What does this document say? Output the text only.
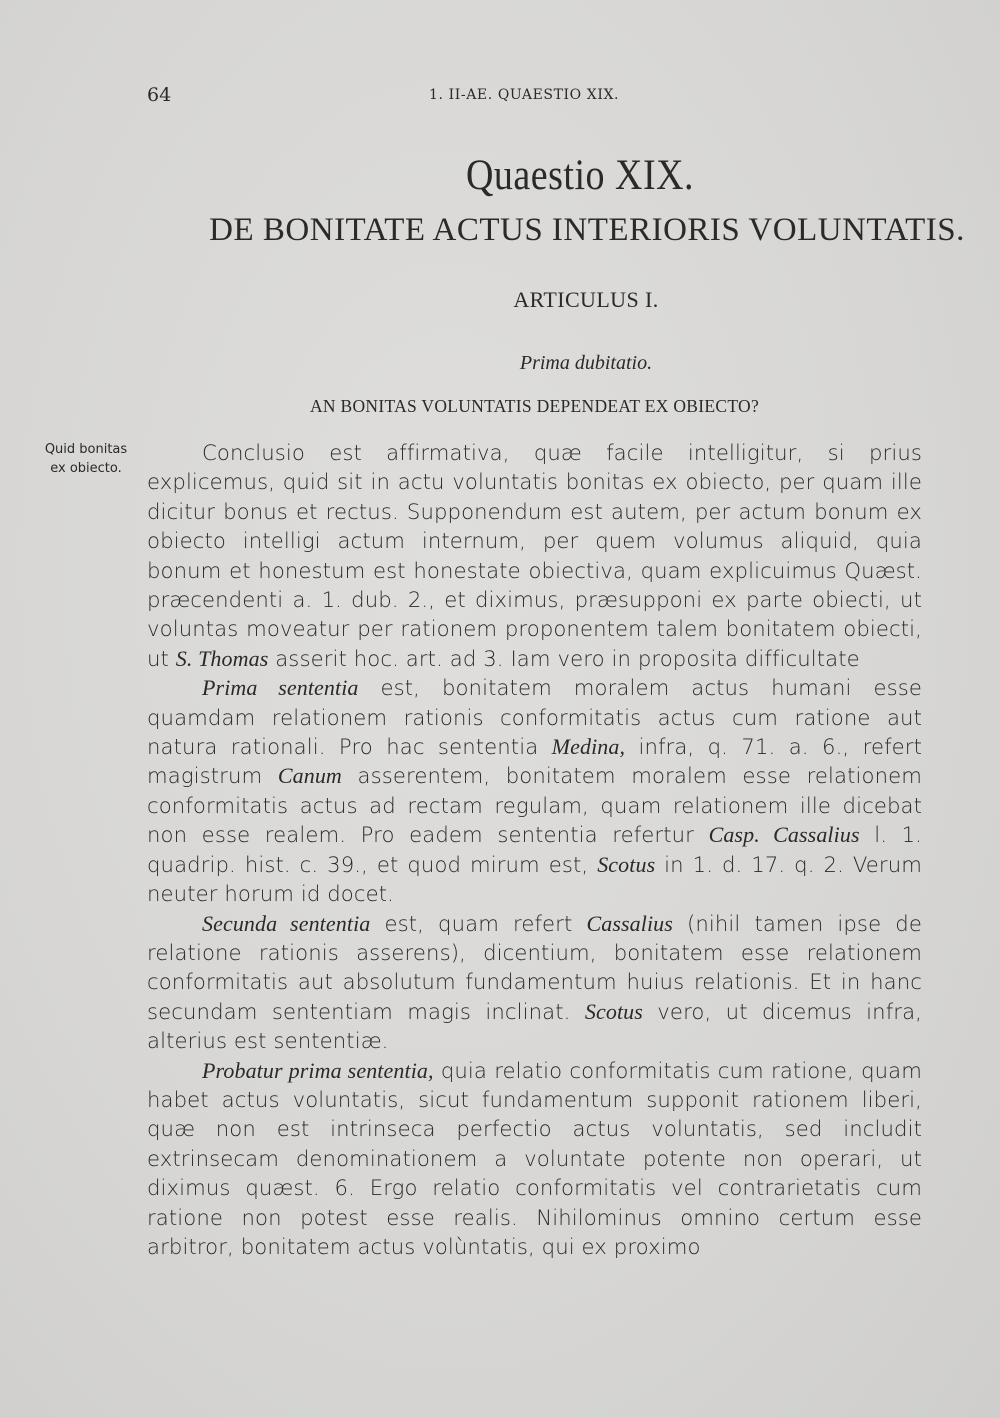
64	1. II-AE. QUAESTIO XIX.
Quaestio XIX.
DE BONITATE ACTUS INTERIORIS VOLUNTATIS.
ARTICULUS I.
Prima dubitatio.
AN BONITAS VOLUNTATIS DEPENDEAT EX OBIECTO?
Quid bonitas
ex obiecto.

Conclusio est affirmativa, quæ facile intelligitur, si prius explicemus, quid sit in actu voluntatis bonitas ex obiecto, per quam ille dicitur bonus et rectus. Supponendum est autem, per actum bonum ex obiecto intelligi actum internum, per quem volumus aliquid, quia bonum et honestum est honestate obiectiva, quam explicuimus Quæst. præcendenti a. 1. dub. 2., et diximus, præsupponi ex parte obiecti, ut voluntas moveatur per rationem proponentem talem bonitatem obiecti, ut S. Thomas asserit hoc. art. ad 3. Iam vero in proposita difficultate

Prima sententia est, bonitatem moralem actus humani esse quamdam relationem rationis conformitatis actus cum ratione aut natura rationali. Pro hac sententia Medina, infra, q. 71. a. 6., refert magistrum Canum asserentem, bonitatem moralem esse relationem conformitatis actus ad rectam regulam, quam relationem ille dicebat non esse realem. Pro eadem sententia refertur Casp. Cassalius l. 1. quadrip. hist. c. 39., et quod mirum est, Scotus in 1. d. 17. q. 2. Verum neuter horum id docet.

Secunda sententia est, quam refert Cassalius (nihil tamen ipse de relatione rationis asserens), dicentium, bonitatem esse relationem conformitatis aut absolutum fundamentum huius relationis. Et in hanc secundam sententiam magis inclinat. Scotus vero, ut dicemus infra, alterius est sententiæ.

Probatur prima sententia, quia relatio conformitatis cum ratione, quam habet actus voluntatis, sicut fundamentum supponit rationem liberi, quæ non est intrinseca perfectio actus voluntatis, sed includit extrinsecam denominationem a voluntate potente non operari, ut diximus quæst. 6. Ergo relatio conformitatis vel contrarietatis cum ratione non potest esse realis. Nihilominus omnino certum esse arbitror, bonitatem actus volùntatis, qui ex proximo
